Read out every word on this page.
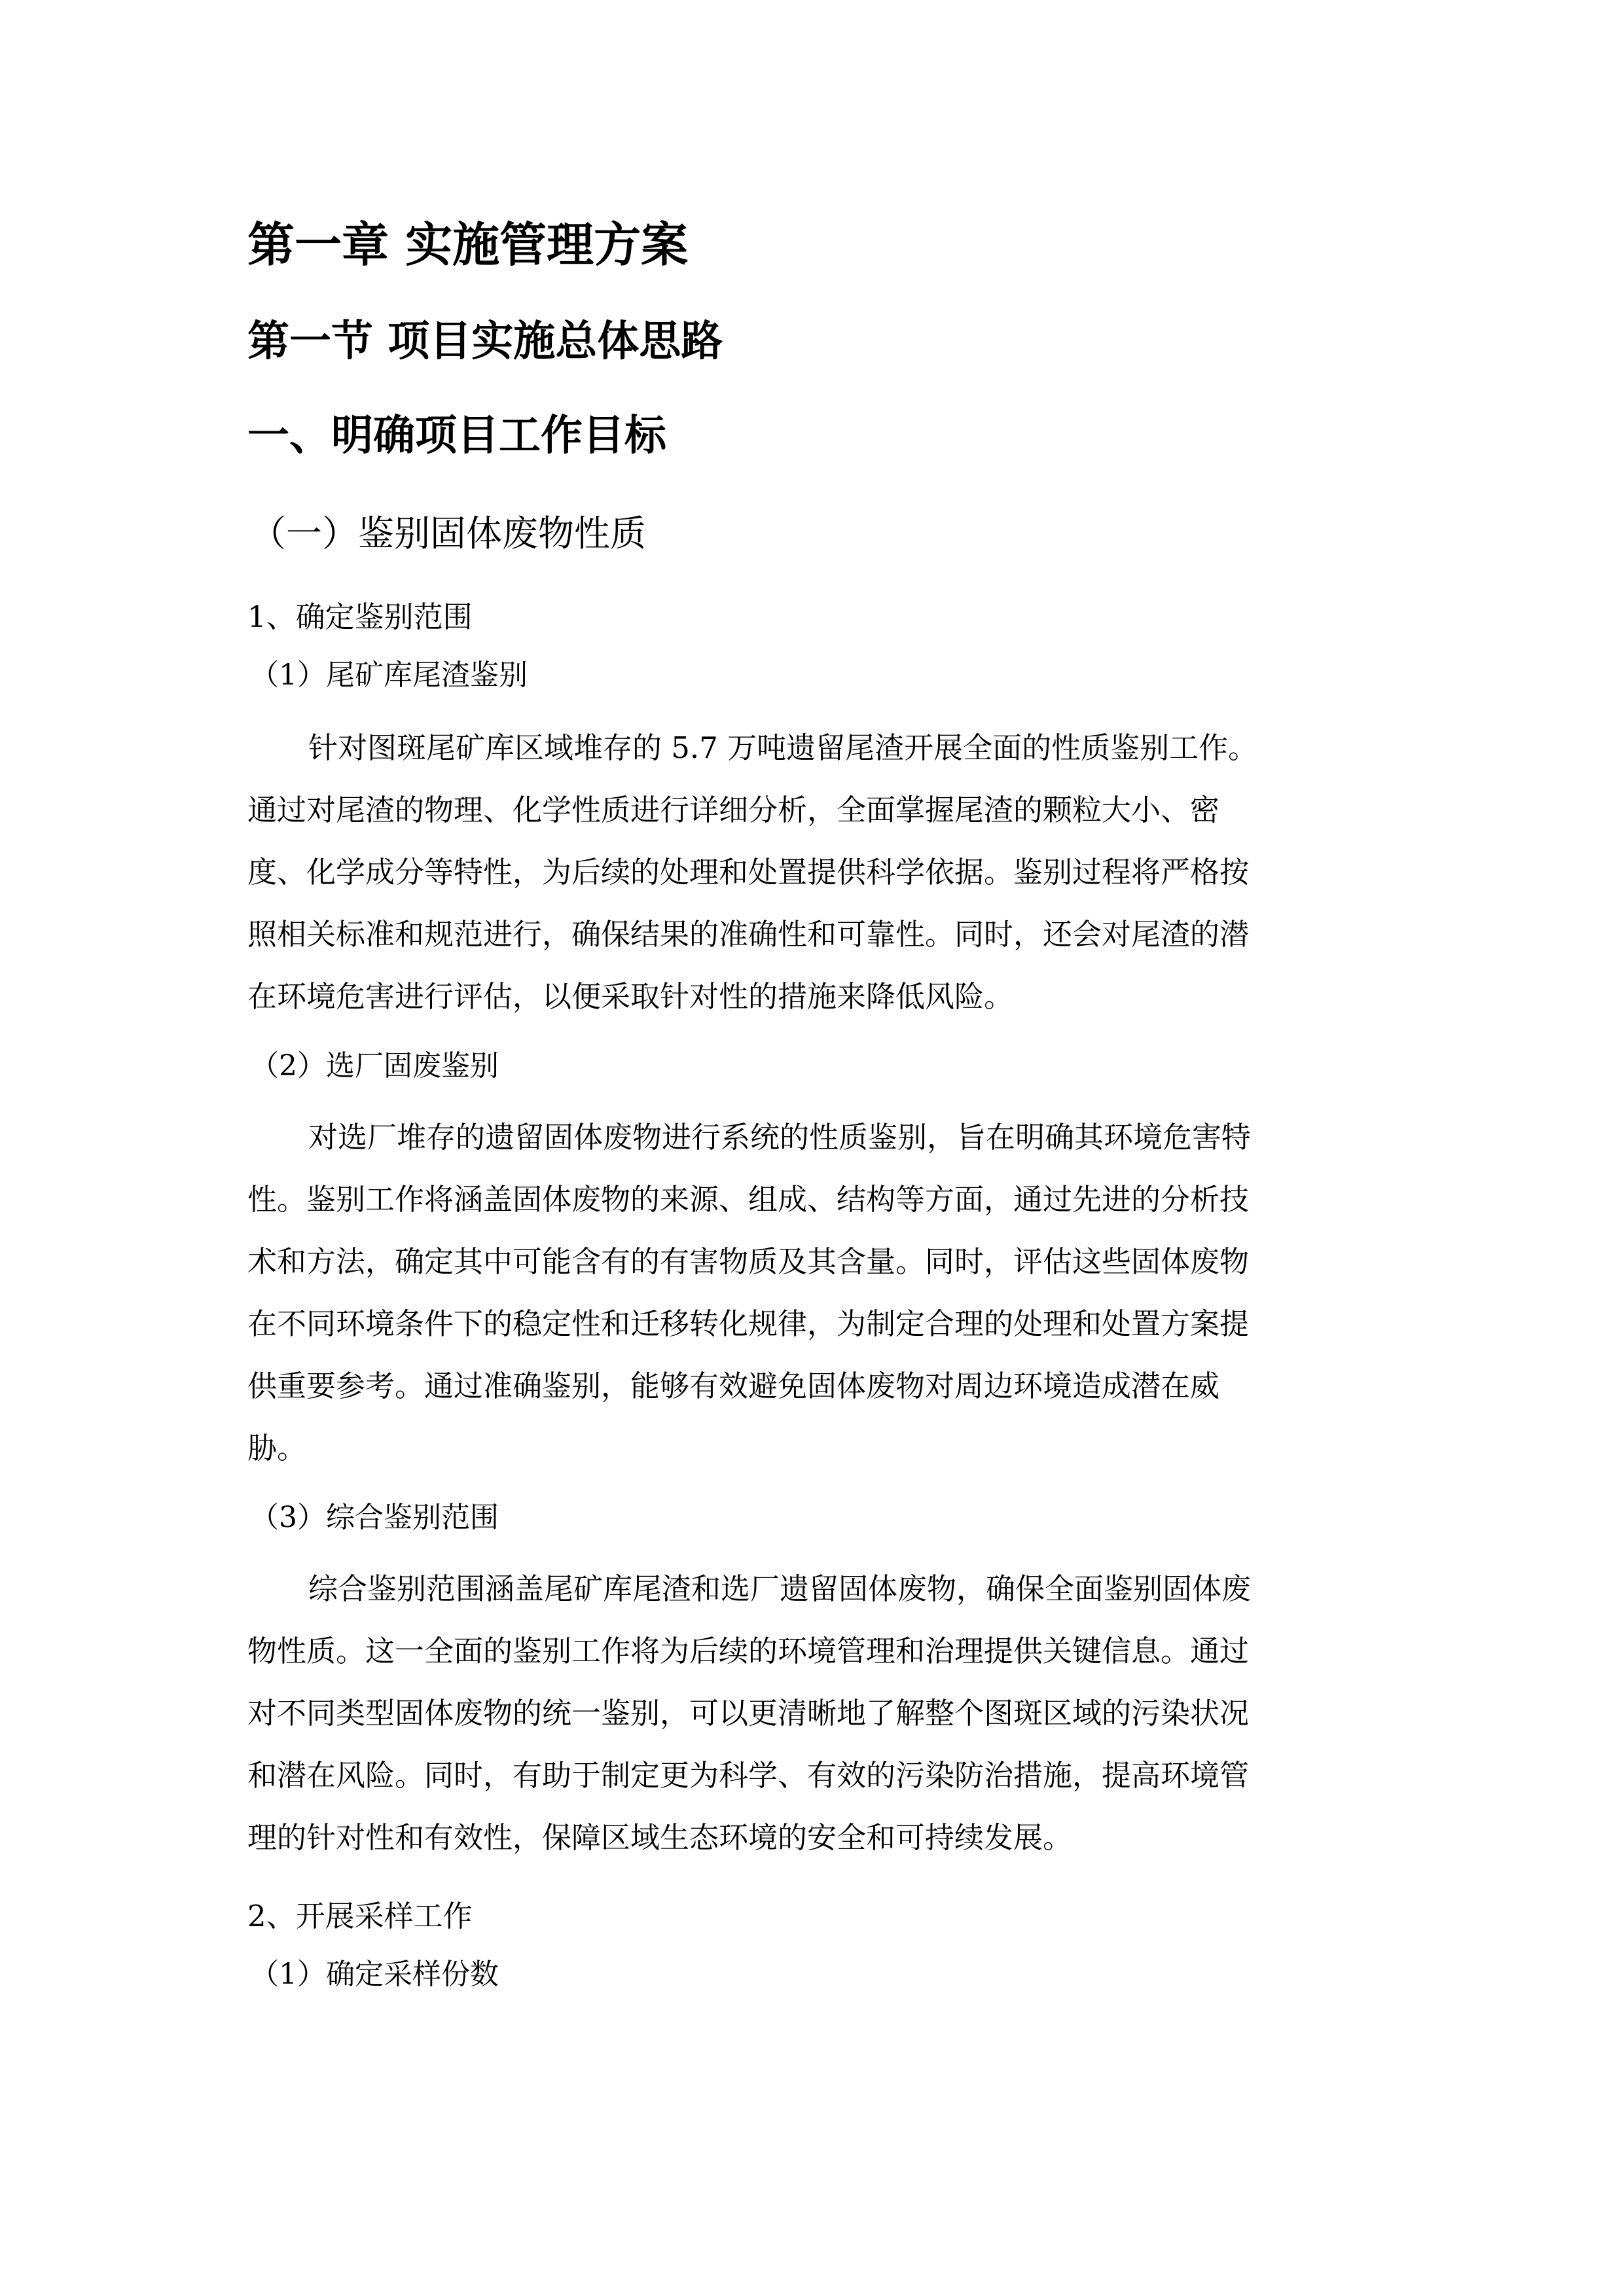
第一章 实施管理方案
第一节 项目实施总体思路
一、明确项目工作目标
（一）鉴别固体废物性质
1、确定鉴别范围
（1）尾矿库尾渣鉴别
针对图斑尾矿库区域堆存的 5.7 万吨遗留尾渣开展全面的性质鉴别工作。
通过对尾渣的物理、化学性质进行详细分析，全面掌握尾渣的颗粒大小、密
度、化学成分等特性，为后续的处理和处置提供科学依据。鉴别过程将严格按
照相关标准和规范进行，确保结果的准确性和可靠性。同时，还会对尾渣的潜
在环境危害进行评估，以便采取针对性的措施来降低风险。
（2）选厂固废鉴别
对选厂堆存的遗留固体废物进行系统的性质鉴别，旨在明确其环境危害特
性。鉴别工作将涵盖固体废物的来源、组成、结构等方面，通过先进的分析技
术和方法，确定其中可能含有的有害物质及其含量。同时，评估这些固体废物
在不同环境条件下的稳定性和迁移转化规律，为制定合理的处理和处置方案提
供重要参考。通过准确鉴别，能够有效避免固体废物对周边环境造成潜在威
胁。
（3）综合鉴别范围
综合鉴别范围涵盖尾矿库尾渣和选厂遗留固体废物，确保全面鉴别固体废
物性质。这一全面的鉴别工作将为后续的环境管理和治理提供关键信息。通过
对不同类型固体废物的统一鉴别，可以更清晰地了解整个图斑区域的污染状况
和潜在风险。同时，有助于制定更为科学、有效的污染防治措施，提高环境管
理的针对性和有效性，保障区域生态环境的安全和可持续发展。
2、开展采样工作
（1）确定采样份数
